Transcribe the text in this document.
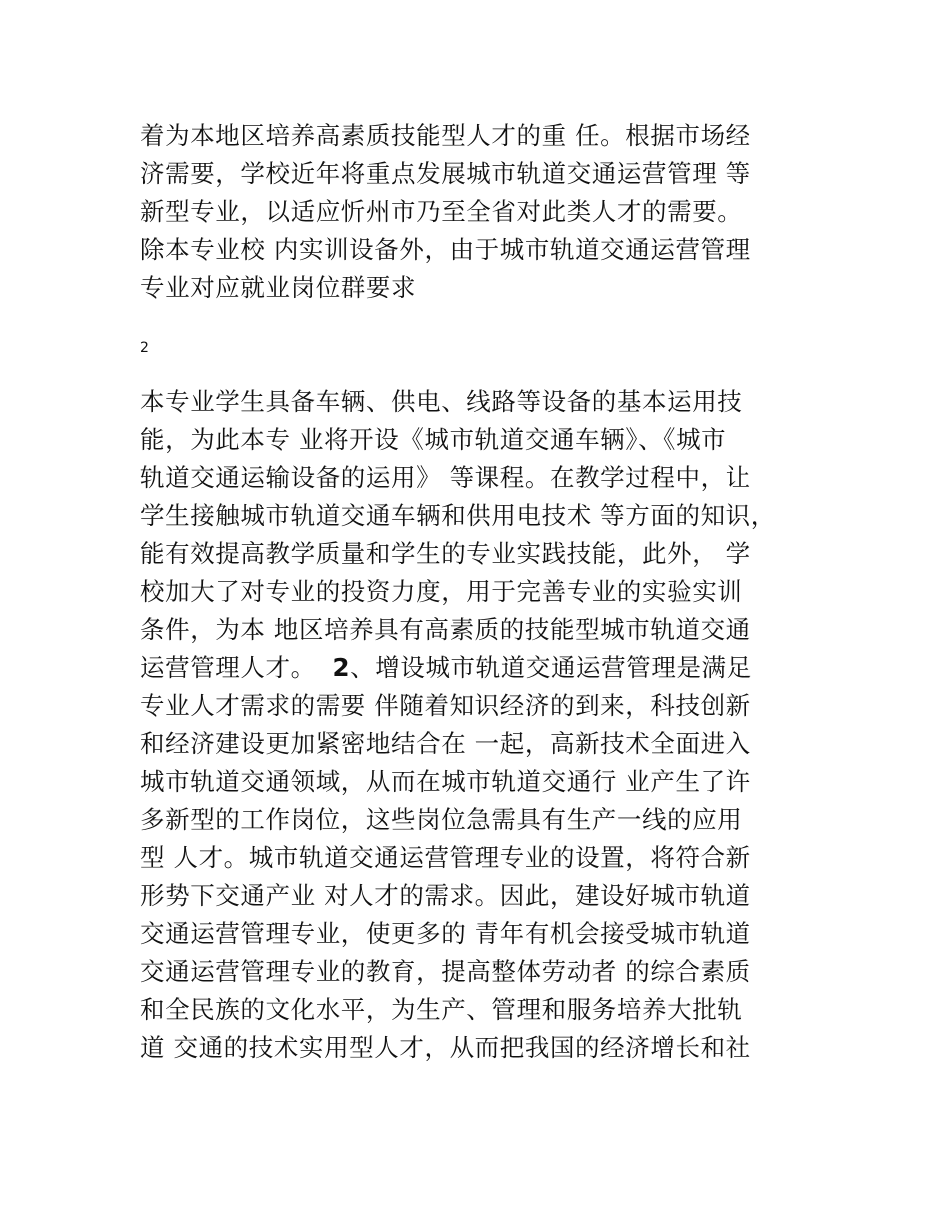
着为本地区培养高素质技能型人才的重 任。根据市场经
济需要，学校近年将重点发展城市轨道交通运营管理 等
新型专业，以适应忻州市乃至全省对此类人才的需要。
除本专业校 内实训设备外，由于城市轨道交通运营管理
专业对应就业岗位群要求
2
本专业学生具备车辆、供电、线路等设备的基本运用技
能，为此本专 业将开设《城市轨道交通车辆》、《城市
轨道交通运输设备的运用》 等课程。在教学过程中，让
学生接触城市轨道交通车辆和供用电技术 等方面的知识，
能有效提高教学质量和学生的专业实践技能，此外， 学
校加大了对专业的投资力度，用于完善专业的实验实训
条件，为本 地区培养具有高素质的技能型城市轨道交通
运营管理人才。 2、增设城市轨道交通运营管理是满足
专业人才需求的需要 伴随着知识经济的到来，科技创新
和经济建设更加紧密地结合在 一起，高新技术全面进入
城市轨道交通领域，从而在城市轨道交通行 业产生了许
多新型的工作岗位，这些岗位急需具有生产一线的应用
型 人才。城市轨道交通运营管理专业的设置，将符合新
形势下交通产业 对人才的需求。因此，建设好城市轨道
交通运营管理专业，使更多的 青年有机会接受城市轨道
交通运营管理专业的教育，提高整体劳动者 的综合素质
和全民族的文化水平，为生产、管理和服务培养大批轨
道 交通的技术实用型人才，从而把我国的经济增长和社
